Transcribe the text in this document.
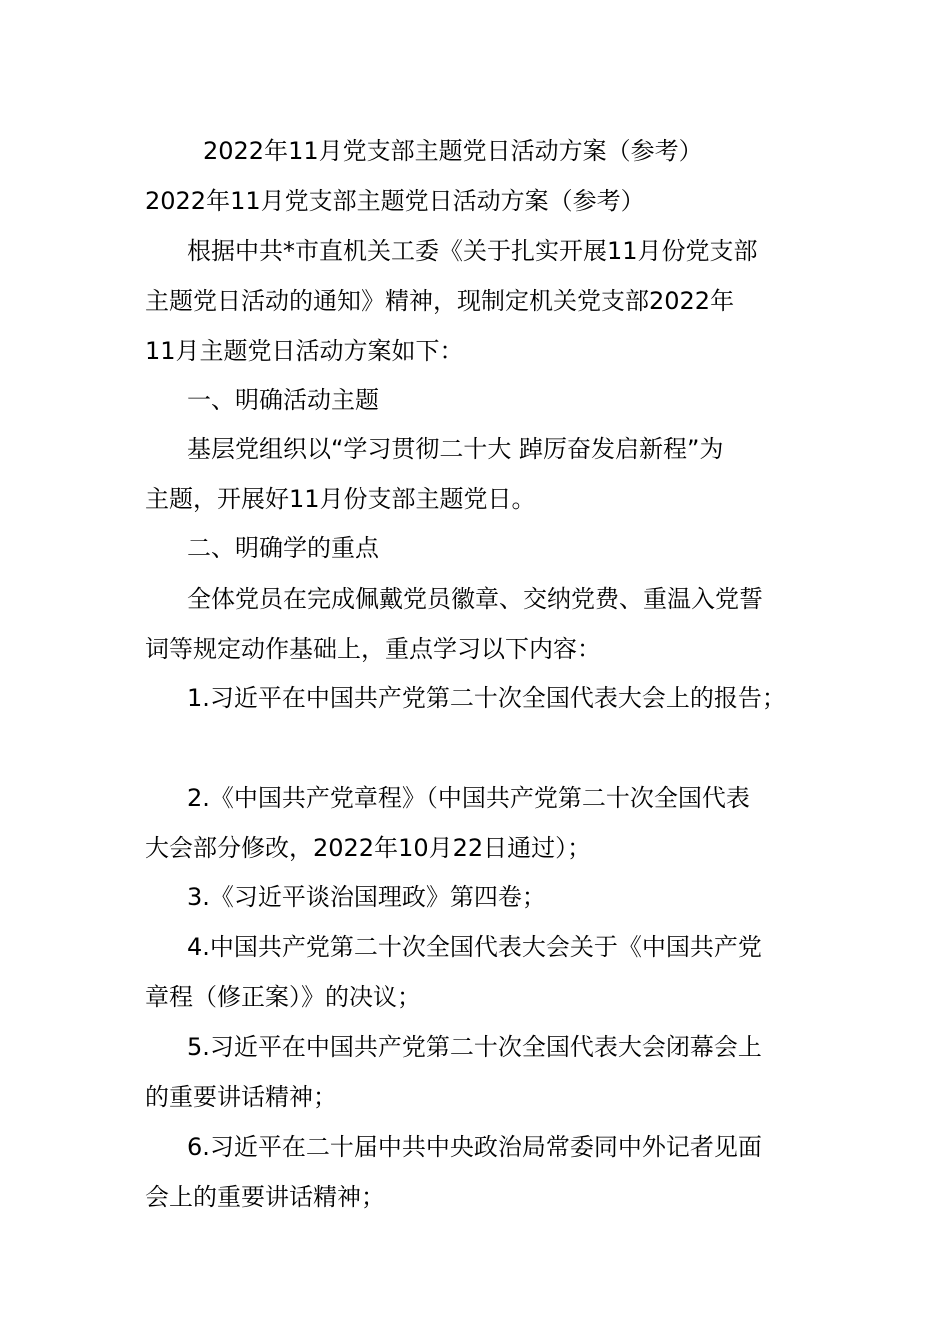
2022年11月党支部主题党日活动方案（参考）
2022年11月党支部主题党日活动方案（参考）
根据中共*市直机关工委《关于扎实开展11月份党支部
主题党日活动的通知》精神，现制定机关党支部2022年
11月主题党日活动方案如下：
一、明确活动主题
基层党组织以“学习贯彻二十大 踔厉奋发启新程”为
主题，开展好11月份支部主题党日。
二、明确学的重点
全体党员在完成佩戴党员徽章、交纳党费、重温入党誓
词等规定动作基础上，重点学习以下内容：
1.习近平在中国共产党第二十次全国代表大会上的报告；
2.《中国共产党章程》（中国共产党第二十次全国代表
大会部分修改，2022年10月22日通过）；
3.《习近平谈治国理政》第四卷；
4.中国共产党第二十次全国代表大会关于《中国共产党
章程（修正案）》的决议；
5.习近平在中国共产党第二十次全国代表大会闭幕会上
的重要讲话精神；
6.习近平在二十届中共中央政治局常委同中外记者见面
会上的重要讲话精神；
